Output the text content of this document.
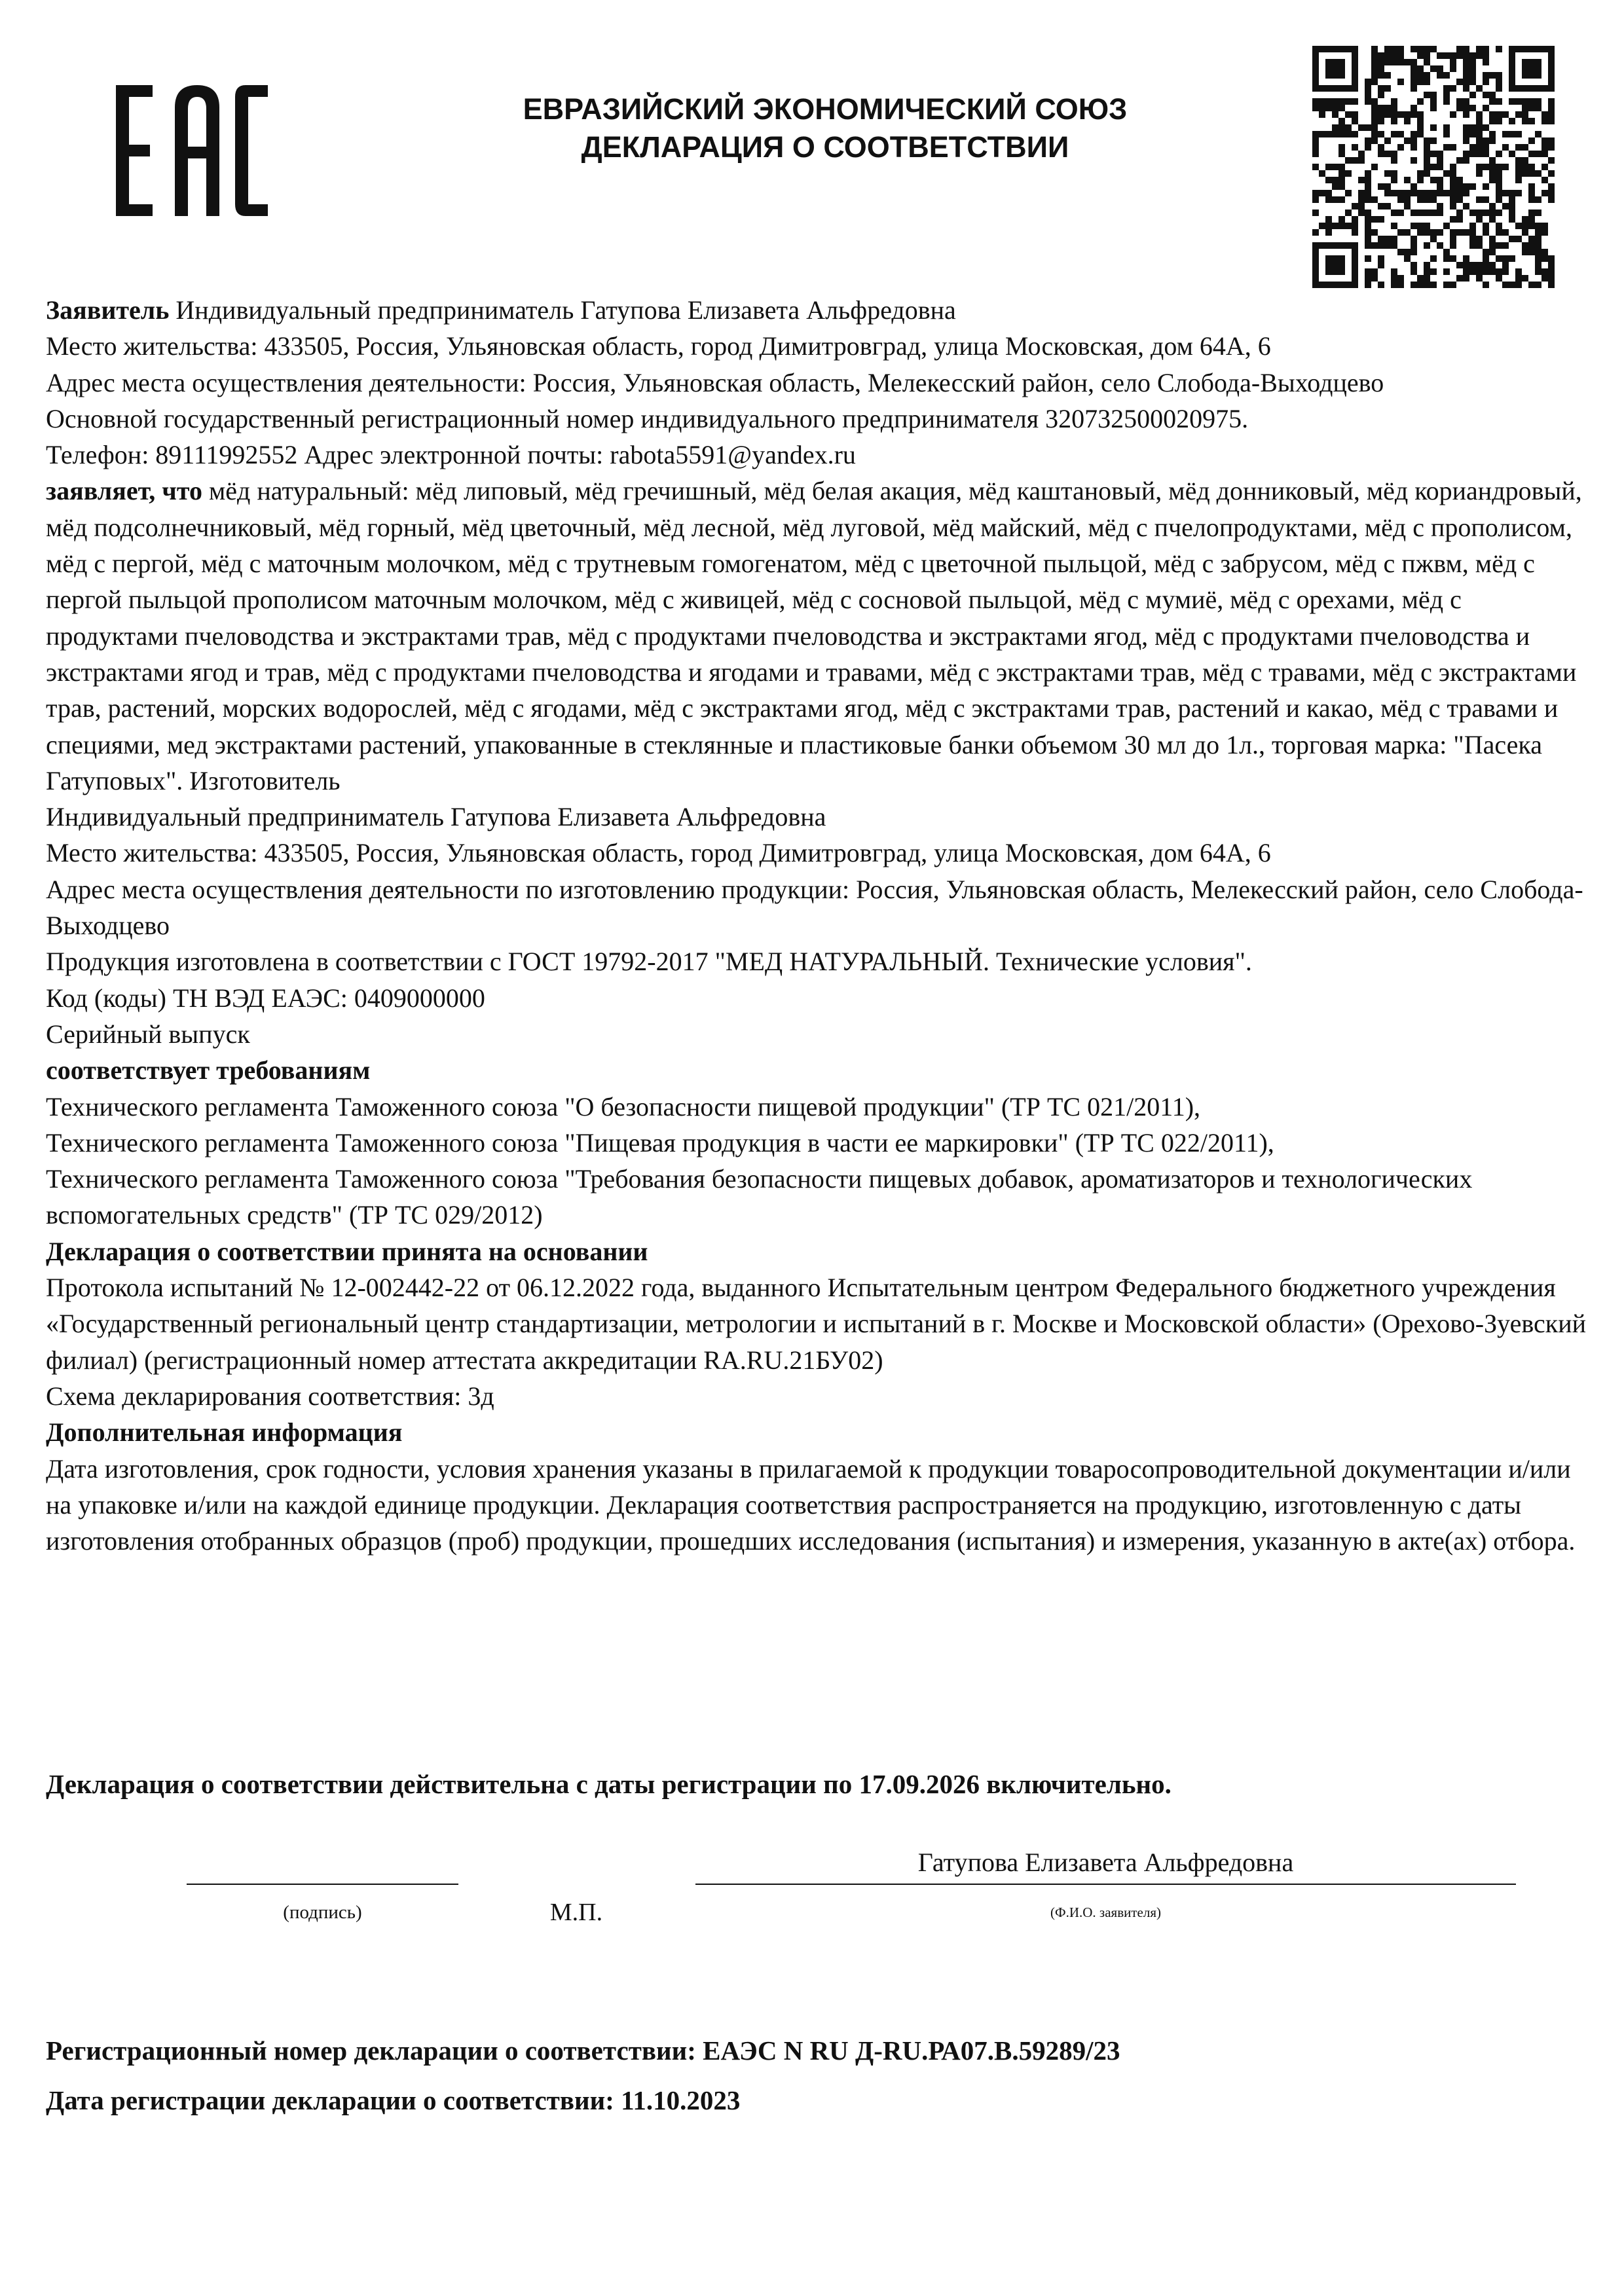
ЕВРАЗИЙСКИЙ ЭКОНОМИЧЕСКИЙ СОЮЗ
ДЕКЛАРАЦИЯ О СООТВЕТСТВИИ

Заявитель Индивидуальный предприниматель Гатупова Елизавета Альфредовна

Место жительства: 433505, Россия, Ульяновская область, город Димитровград, улица Московская, дом 64А, 6

Адрес места осуществления деятельности: Россия, Ульяновская область, Мелекесский район, село Слобода-Выходцево

Основной государственный регистрационный номер индивидуального предпринимателя 320732500020975.

Телефон: 89111992552 Адрес электронной почты: rabota5591@yandex.ru

заявляет, что мёд натуральный: мёд липовый, мёд гречишный, мёд белая акация, мёд каштановый, мёд донниковый, мёд кориандровый, мёд подсолнечниковый, мёд горный, мёд цветочный, мёд лесной, мёд луговой, мёд майский, мёд с пчелопродуктами, мёд с прополисом, мёд с пергой, мёд с маточным молочком, мёд с трутневым гомогенатом, мёд с цветочной пыльцой, мёд с забрусом, мёд с пжвм, мёд с пергой пыльцой прополисом маточным молочком, мёд с живицей, мёд с сосновой пыльцой, мёд с мумиё, мёд с орехами, мёд с продуктами пчеловодства и экстрактами трав, мёд с продуктами пчеловодства и экстрактами ягод, мёд с продуктами пчеловодства и экстрактами ягод и трав, мёд с продуктами пчеловодства и ягодами и травами, мёд с экстрактами трав, мёд с травами, мёд с экстрактами трав, растений, морских водорослей, мёд с ягодами, мёд с экстрактами ягод, мёд с экстрактами трав, растений и какао, мёд с травами и специями, мед экстрактами растений, упакованные в стеклянные и пластиковые банки объемом 30 мл до 1л., торговая марка: "Пасека Гатуповых". Изготовитель

Индивидуальный предприниматель Гатупова Елизавета Альфредовна

Место жительства: 433505, Россия, Ульяновская область, город Димитровград, улица Московская, дом 64А, 6

Адрес места осуществления деятельности по изготовлению продукции: Россия, Ульяновская область, Мелекесский район, село Слобода-Выходцево

Продукция изготовлена в соответствии с ГОСТ 19792-2017 "МЕД НАТУРАЛЬНЫЙ. Технические условия".

Код (коды) ТН ВЭД ЕАЭС: 0409000000

Серийный выпуск

соответствует требованиям

Технического регламента Таможенного союза "О безопасности пищевой продукции" (ТР ТС 021/2011),

Технического регламента Таможенного союза "Пищевая продукция в части ее маркировки" (ТР ТС 022/2011),

Технического регламента Таможенного союза "Требования безопасности пищевых добавок, ароматизаторов и технологических вспомогательных средств" (ТР ТС 029/2012)

Декларация о соответствии принята на основании

Протокола испытаний № 12-002442-22 от 06.12.2022 года, выданного Испытательным центром Федерального бюджетного учреждения «Государственный региональный центр стандартизации, метрологии и испытаний в г. Москве и Московской области» (Орехово-Зуевский филиал) (регистрационный номер аттестата аккредитации RA.RU.21БУ02)

Схема декларирования соответствия: 3д

Дополнительная информация

Дата изготовления, срок годности, условия хранения указаны в прилагаемой к продукции товаросопроводительной документации и/или на упаковке и/или на каждой единице продукции. Декларация соответствия распространяется на продукцию, изготовленную с даты изготовления отобранных образцов (проб) продукции, прошедших исследования (испытания) и измерения, указанную в акте(ах) отбора.

Декларация о соответствии действительна с даты регистрации по 17.09.2026 включительно.
Гатупова Елизавета Альфредовна
(подпись)	М.П.	(Ф.И.О. заявителя)

Регистрационный номер декларации о соответствии: ЕАЭС N RU Д-RU.РА07.В.59289/23

Дата регистрации декларации о соответствии: 11.10.2023
